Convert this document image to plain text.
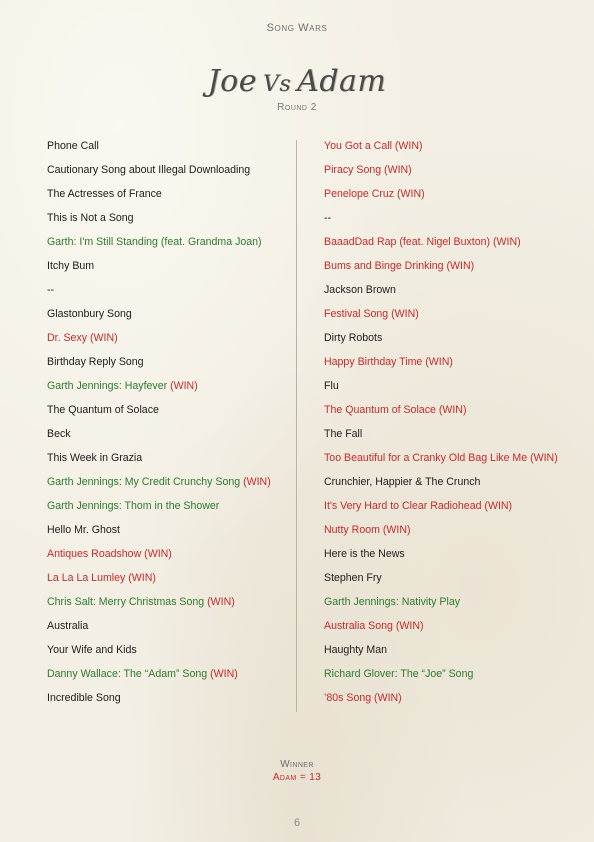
Song Wars
Joe Vs Adam
Round 2
Phone Call
Cautionary Song about Illegal Downloading
The Actresses of France
This is Not a Song
Garth: I'm Still Standing (feat. Grandma Joan)
Itchy Bum
--
Glastonbury Song
Dr. Sexy (WIN)
Birthday Reply Song
Garth Jennings: Hayfever (WIN)
The Quantum of Solace
Beck
This Week in Grazia
Garth Jennings: My Credit Crunchy Song (WIN)
Garth Jennings: Thom in the Shower
Hello Mr. Ghost
Antiques Roadshow (WIN)
La La La Lumley (WIN)
Chris Salt: Merry Christmas Song (WIN)
Australia
Your Wife and Kids
Danny Wallace: The “Adam” Song (WIN)
Incredible Song
You Got a Call (WIN)
Piracy Song (WIN)
Penelope Cruz (WIN)
--
BaaadDad Rap (feat. Nigel Buxton) (WIN)
Bums and Binge Drinking (WIN)
Jackson Brown
Festival Song (WIN)
Dirty Robots
Happy Birthday Time (WIN)
Flu
The Quantum of Solace (WIN)
The Fall
Too Beautiful for a Cranky Old Bag Like Me (WIN)
Crunchier, Happier & The Crunch
It's Very Hard to Clear Radiohead (WIN)
Nutty Room (WIN)
Here is the News
Stephen Fry
Garth Jennings: Nativity Play
Australia Song (WIN)
Haughty Man
Richard Glover: The “Joe” Song
’80s Song (WIN)
Winner
Adam = 13
6
